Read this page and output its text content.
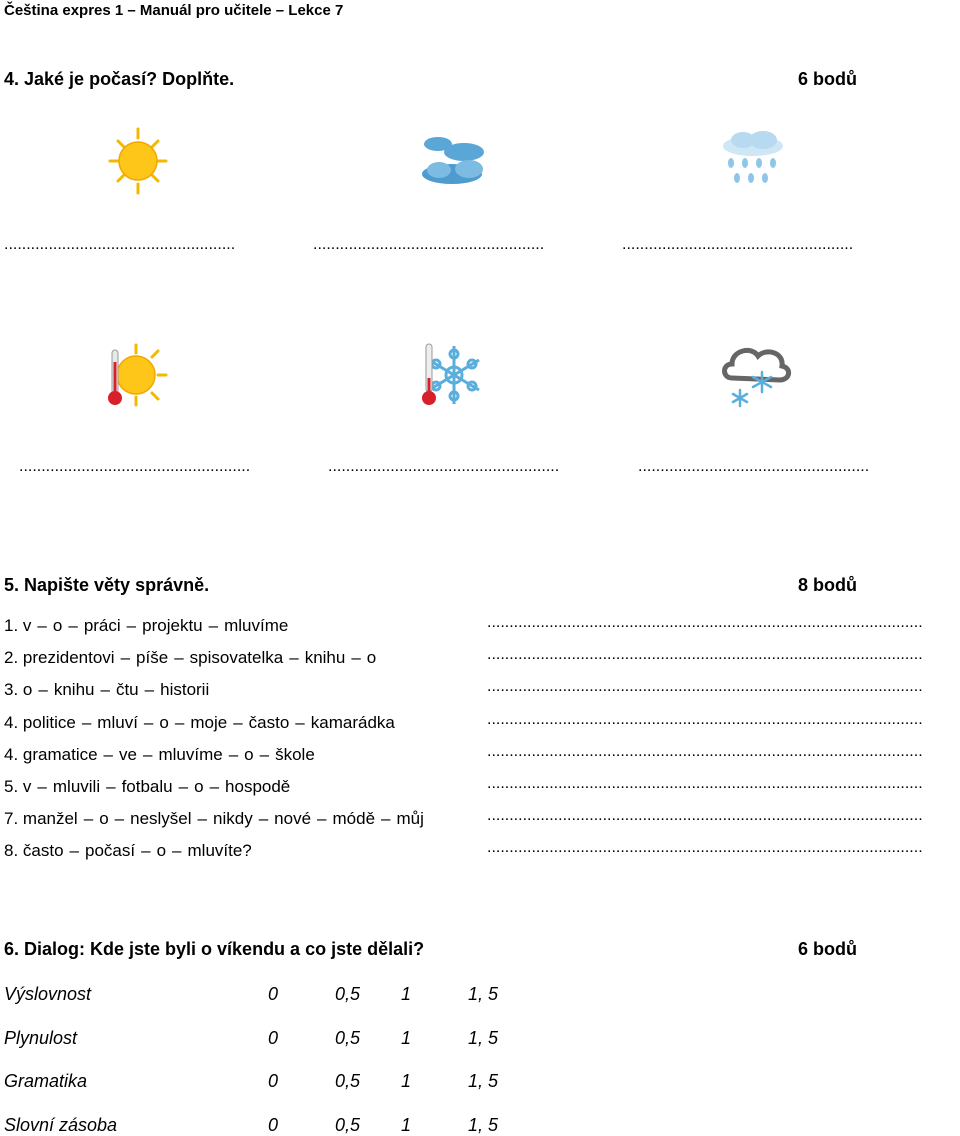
Čeština expres 1 – Manuál pro učitele – Lekce 7
4. Jaké je počasí? Doplňte.	6 bodů
....................................................	....................................................	....................................................
....................................................	....................................................	....................................................
5. Napište věty správně.	8 bodů
1. v – o – práci – projektu – mluvíme	..................................................................................................
2. prezidentovi – píše – spisovatelka – knihu – o	..................................................................................................
3. o – knihu – čtu – historii	..................................................................................................
4. politice – mluví – o – moje – často – kamarádka	..................................................................................................
4. gramatice – ve – mluvíme – o – škole	..................................................................................................
5. v – mluvili – fotbalu – o – hospodě	..................................................................................................
7. manžel – o – neslyšel – nikdy – nové – módě – můj	..................................................................................................
8. často – počasí – o – mluvíte?	..................................................................................................
6. Dialog: Kde jste byli o víkendu a co jste dělali?	6 bodů
Výslovnost	0	0,5 1	1, 5
Plynulost	0	0,5 1	1, 5
Gramatika	0	0,5 1	1, 5
Slovní zásoba	0	0,5 1	1, 5
